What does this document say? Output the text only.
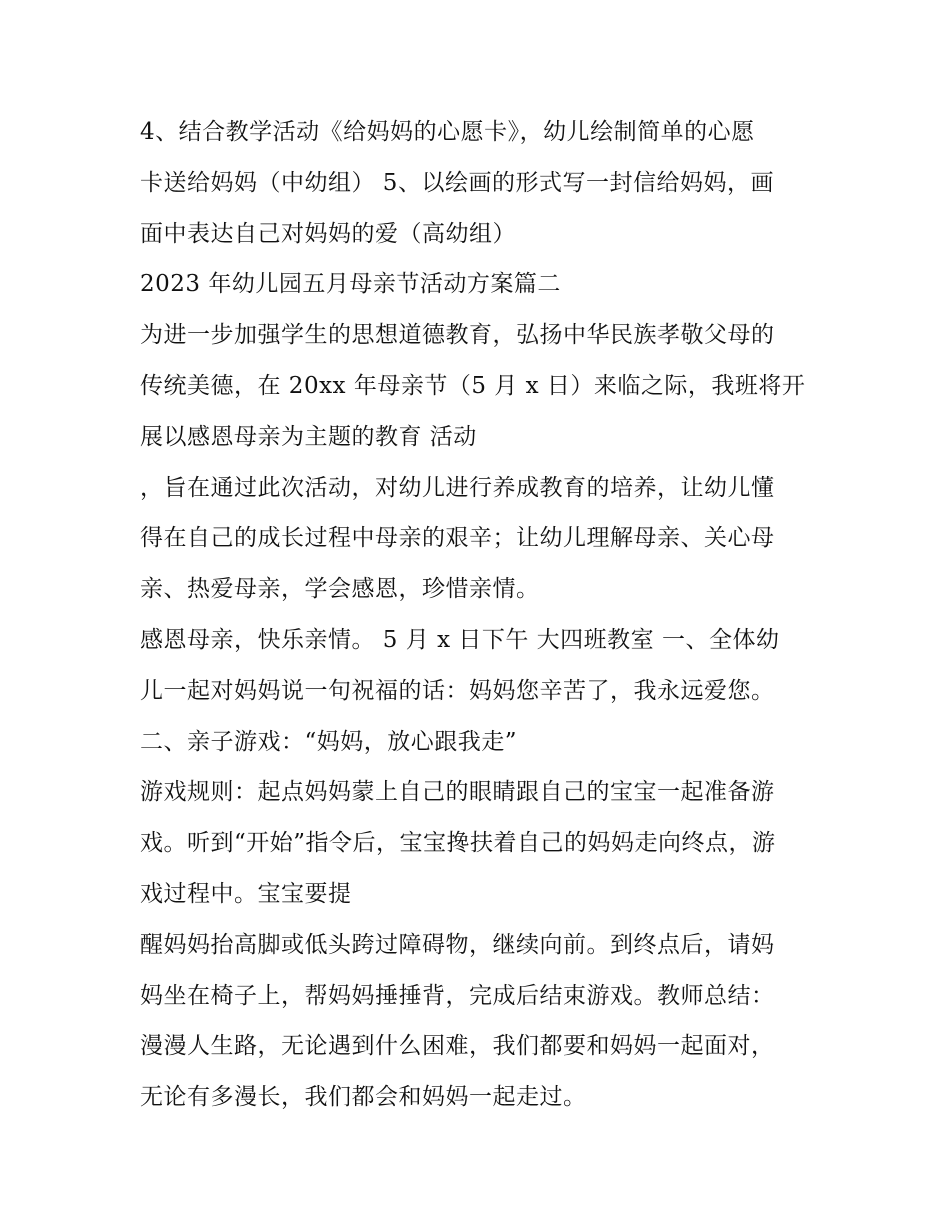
4、结合教学活动《给妈妈的心愿卡》，幼儿绘制简单的心愿
卡送给妈妈（中幼组） 5、以绘画的形式写一封信给妈妈，画
面中表达自己对妈妈的爱（高幼组）
2023 年幼儿园五月母亲节活动方案篇二
为进一步加强学生的思想道德教育，弘扬中华民族孝敬父母的
传统美德，在 20xx 年母亲节（5 月 x 日）来临之际，我班将开
展以感恩母亲为主题的教育 活动
，旨在通过此次活动，对幼儿进行养成教育的培养，让幼儿懂
得在自己的成长过程中母亲的艰辛；让幼儿理解母亲、关心母
亲、热爱母亲，学会感恩，珍惜亲情。
感恩母亲，快乐亲情。 5 月 x 日下午 大四班教室 一、全体幼
儿一起对妈妈说一句祝福的话：妈妈您辛苦了，我永远爱您。
二、亲子游戏：“妈妈，放心跟我走”
游戏规则：起点妈妈蒙上自己的眼睛跟自己的宝宝一起准备游
戏。听到“开始”指令后，宝宝搀扶着自己的妈妈走向终点，游
戏过程中。宝宝要提
醒妈妈抬高脚或低头跨过障碍物，继续向前。到终点后，请妈
妈坐在椅子上，帮妈妈捶捶背，完成后结束游戏。教师总结：
漫漫人生路，无论遇到什么困难，我们都要和妈妈一起面对，
无论有多漫长，我们都会和妈妈一起走过。
